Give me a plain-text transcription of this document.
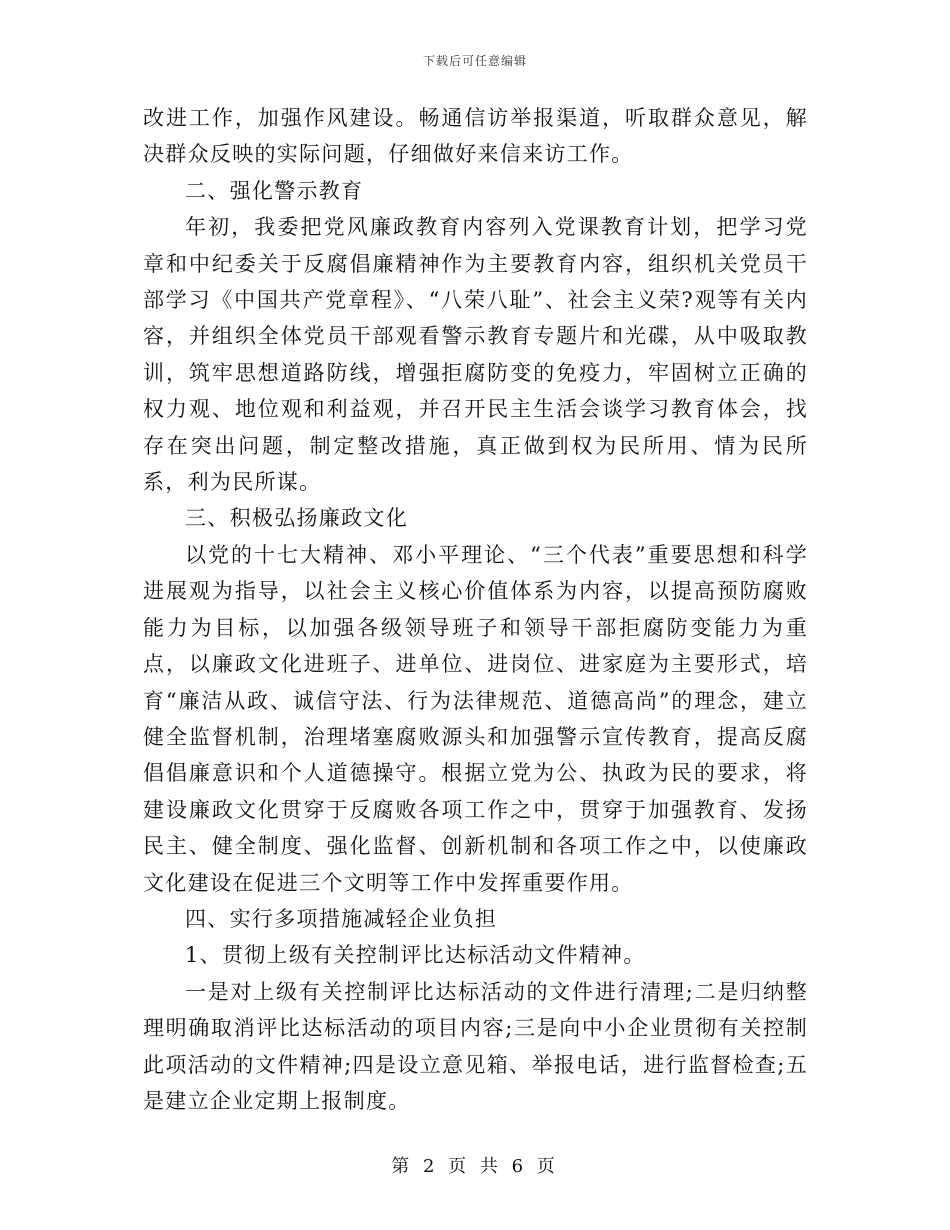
下载后可任意编辑

改进工作，加强作风建设。畅通信访举报渠道，听取群众意见，解决群众反映的实际问题，仔细做好来信来访工作。

二、强化警示教育

年初，我委把党风廉政教育内容列入党课教育计划，把学习党章和中纪委关于反腐倡廉精神作为主要教育内容，组织机关党员干部学习《中国共产党章程》、“八荣八耻”、社会主义荣?观等有关内容，并组织全体党员干部观看警示教育专题片和光碟，从中吸取教训，筑牢思想道路防线，增强拒腐防变的免疫力，牢固树立正确的权力观、地位观和利益观，并召开民主生活会谈学习教育体会，找存在突出问题，制定整改措施，真正做到权为民所用、情为民所系，利为民所谋。

三、积极弘扬廉政文化

以党的十七大精神、邓小平理论、“三个代表”重要思想和科学进展观为指导，以社会主义核心价值体系为内容，以提高预防腐败能力为目标，以加强各级领导班子和领导干部拒腐防变能力为重点，以廉政文化进班子、进单位、进岗位、进家庭为主要形式，培育“廉洁从政、诚信守法、行为法律规范、道德高尚”的理念，建立健全监督机制，治理堵塞腐败源头和加强警示宣传教育，提高反腐倡倡廉意识和个人道德操守。根据立党为公、执政为民的要求，将建设廉政文化贯穿于反腐败各项工作之中，贯穿于加强教育、发扬民主、健全制度、强化监督、创新机制和各项工作之中，以使廉政文化建设在促进三个文明等工作中发挥重要作用。

四、实行多项措施减轻企业负担

1、贯彻上级有关控制评比达标活动文件精神。

一是对上级有关控制评比达标活动的文件进行清理;二是归纳整理明确取消评比达标活动的项目内容;三是向中小企业贯彻有关控制此项活动的文件精神;四是设立意见箱、举报电话，进行监督检查;五是建立企业定期上报制度。

第 2 页 共 6 页
